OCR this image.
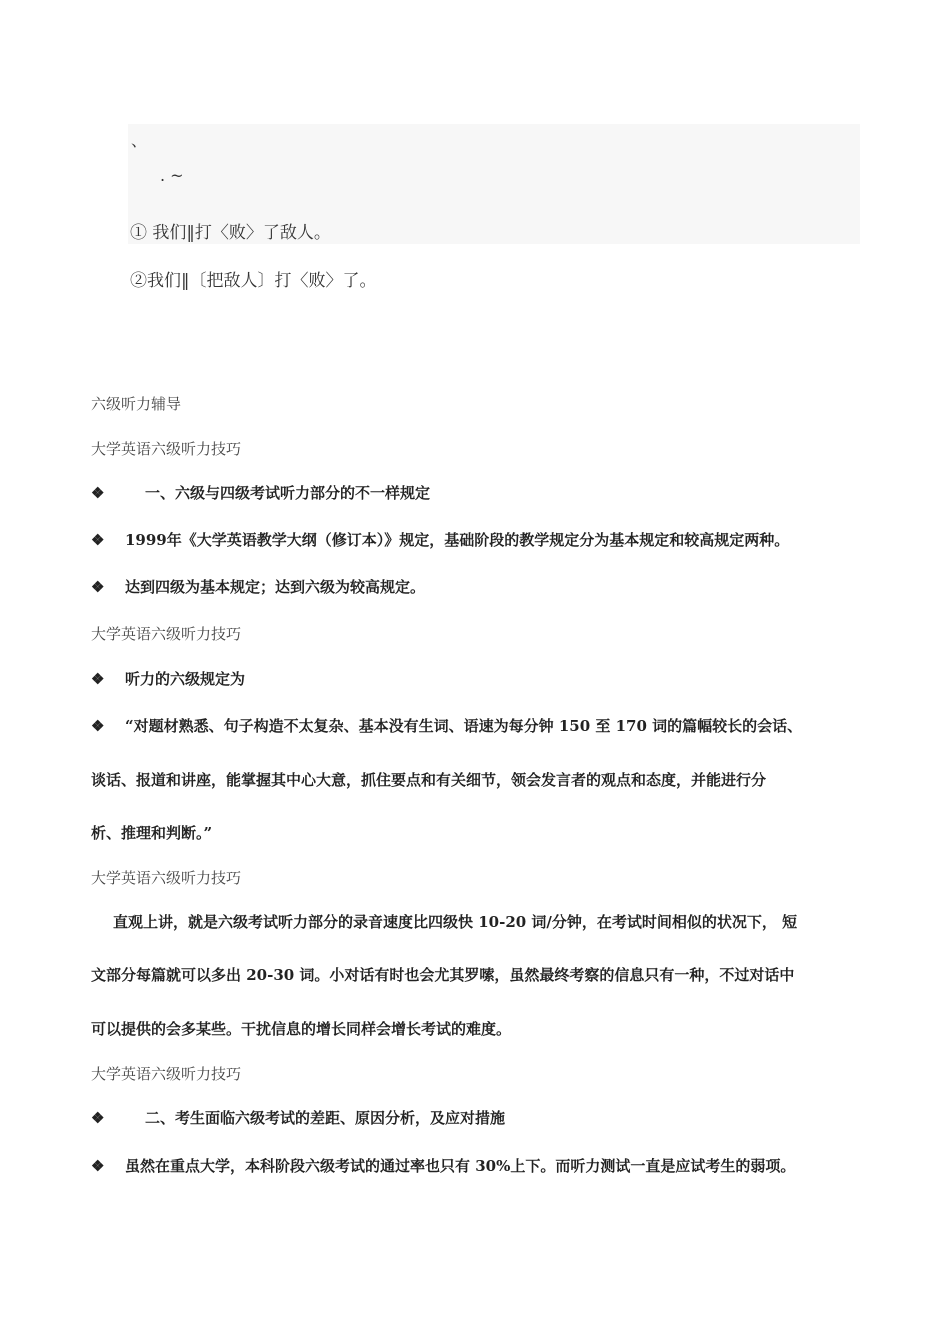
、
. ~
① 我们‖打〈败〉了敌人。
②我们‖〔把敌人〕打〈败〉了。
六级听力辅导
大学英语六级听力技巧
❖	一、六级与四级考试听力部分的不一样规定
❖ 1999年《大学英语教学大纲（修订本）》规定，基础阶段的教学规定分为基本规定和较高规定两种。
❖ 达到四级为基本规定；达到六级为较高规定。
大学英语六级听力技巧
❖ 听力的六级规定为
❖ “对题材熟悉、句子构造不太复杂、基本没有生词、语速为每分钟 150 至 170 词的篇幅较长的会话、
谈话、报道和讲座，能掌握其中心大意，抓住要点和有关细节，领会发言者的观点和态度，并能进行分
析、推理和判断。”
大学英语六级听力技巧
直观上讲，就是六级考试听力部分的录音速度比四级快 10-20 词/分钟，在考试时间相似的状况下， 短
文部分每篇就可以多出 20-30 词。小对话有时也会尤其罗嗦，虽然最终考察的信息只有一种，不过对话中
可以提供的会多某些。干扰信息的增长同样会增长考试的难度。
大学英语六级听力技巧
❖	二、考生面临六级考试的差距、原因分析，及应对措施
❖ 虽然在重点大学，本科阶段六级考试的通过率也只有 30%上下。而听力测试一直是应试考生的弱项。
